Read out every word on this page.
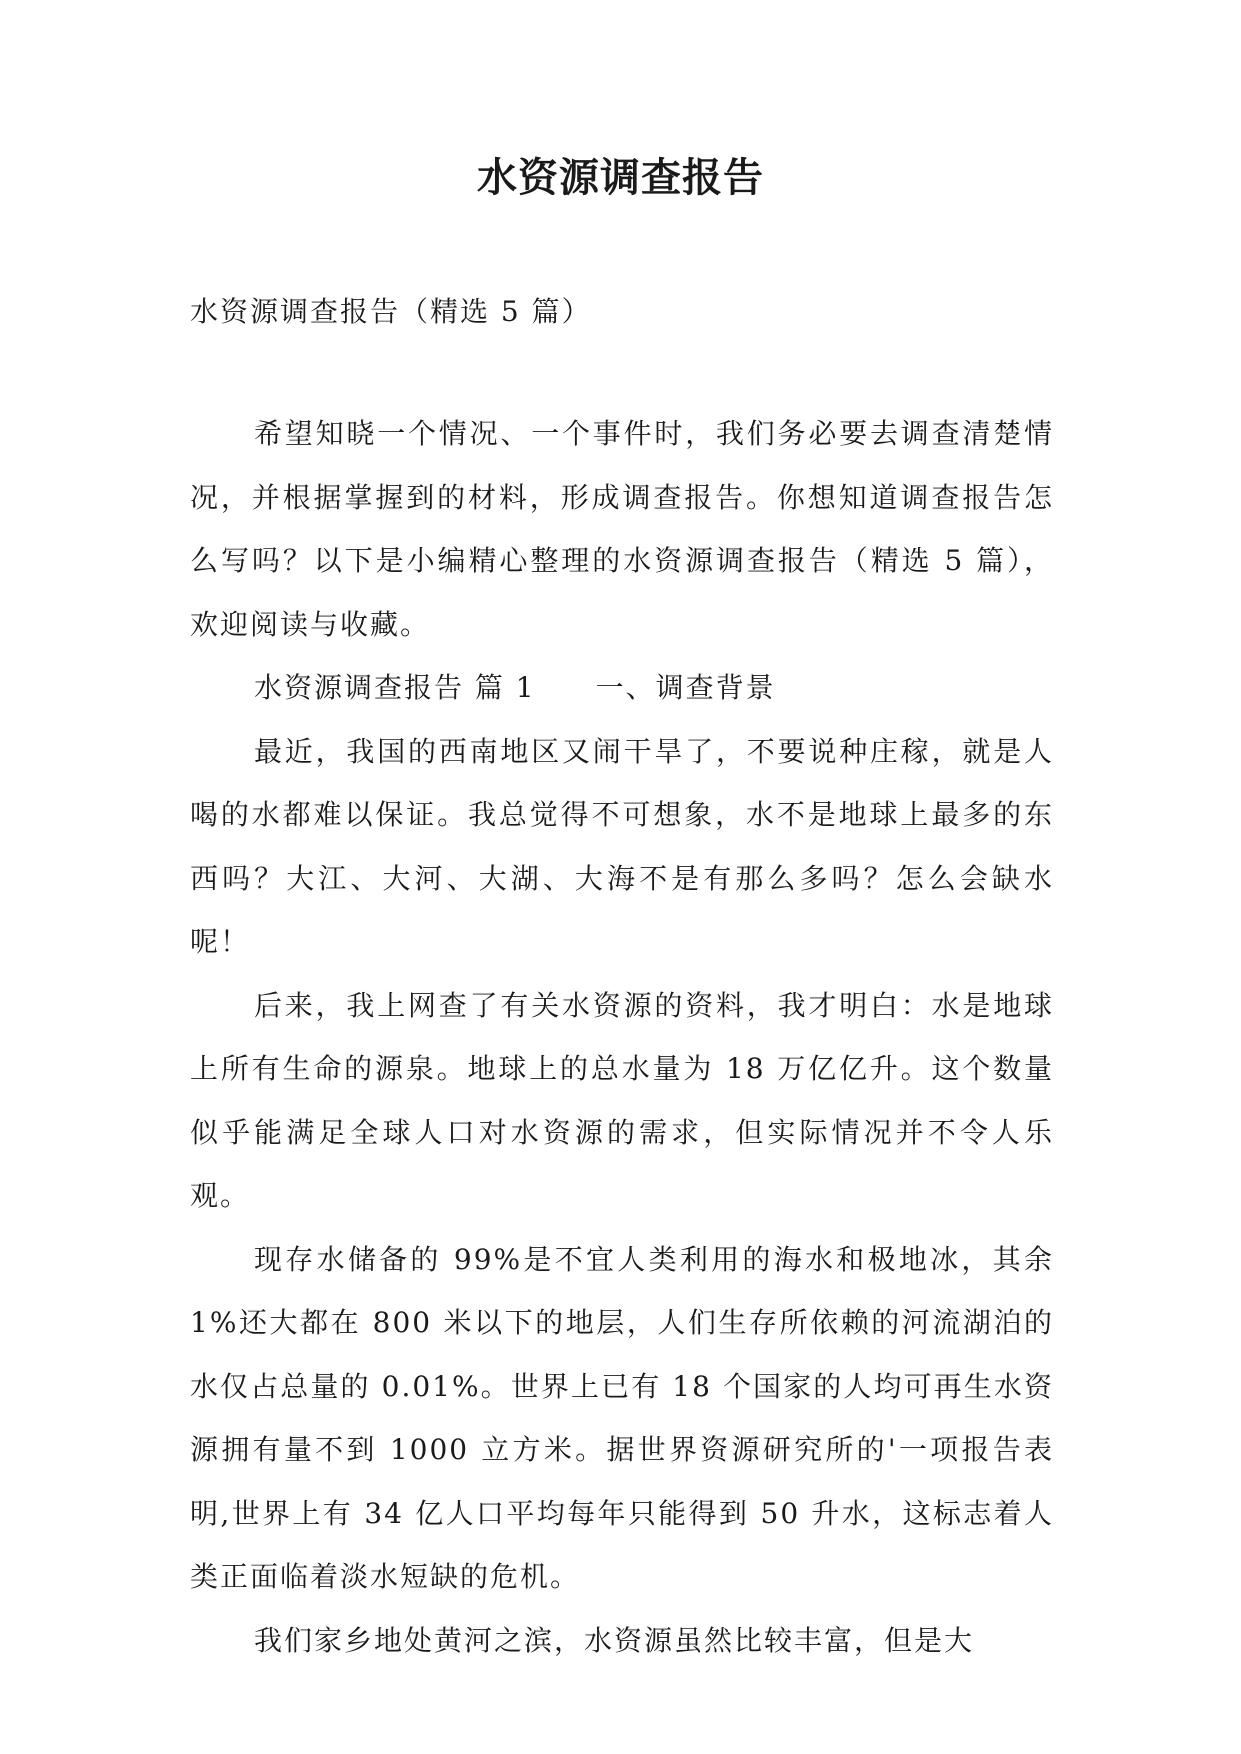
水资源调查报告

水资源调查报告（精选 5 篇）

希望知晓一个情况、一个事件时，我们务必要去调查清楚情况，并根据掌握到的材料，形成调查报告。你想知道调查报告怎么写吗？以下是小编精心整理的水资源调查报告（精选 5 篇），欢迎阅读与收藏。

水资源调查报告 篇 1　　一、调查背景

最近，我国的西南地区又闹干旱了，不要说种庄稼，就是人喝的水都难以保证。我总觉得不可想象，水不是地球上最多的东西吗？大江、大河、大湖、大海不是有那么多吗？怎么会缺水呢！

后来，我上网查了有关水资源的资料，我才明白：水是地球上所有生命的源泉。地球上的总水量为 18 万亿亿升。这个数量似乎能满足全球人口对水资源的需求，但实际情况并不令人乐观。

现存水储备的 99%是不宜人类利用的海水和极地冰，其余 1%还大都在 800 米以下的地层，人们生存所依赖的河流湖泊的水仅占总量的 0.01%。世界上已有 18 个国家的人均可再生水资源拥有量不到 1000 立方米。据世界资源研究所的'一项报告表明,世界上有 34 亿人口平均每年只能得到 50 升水，这标志着人类正面临着淡水短缺的危机。

我们家乡地处黄河之滨，水资源虽然比较丰富，但是大
